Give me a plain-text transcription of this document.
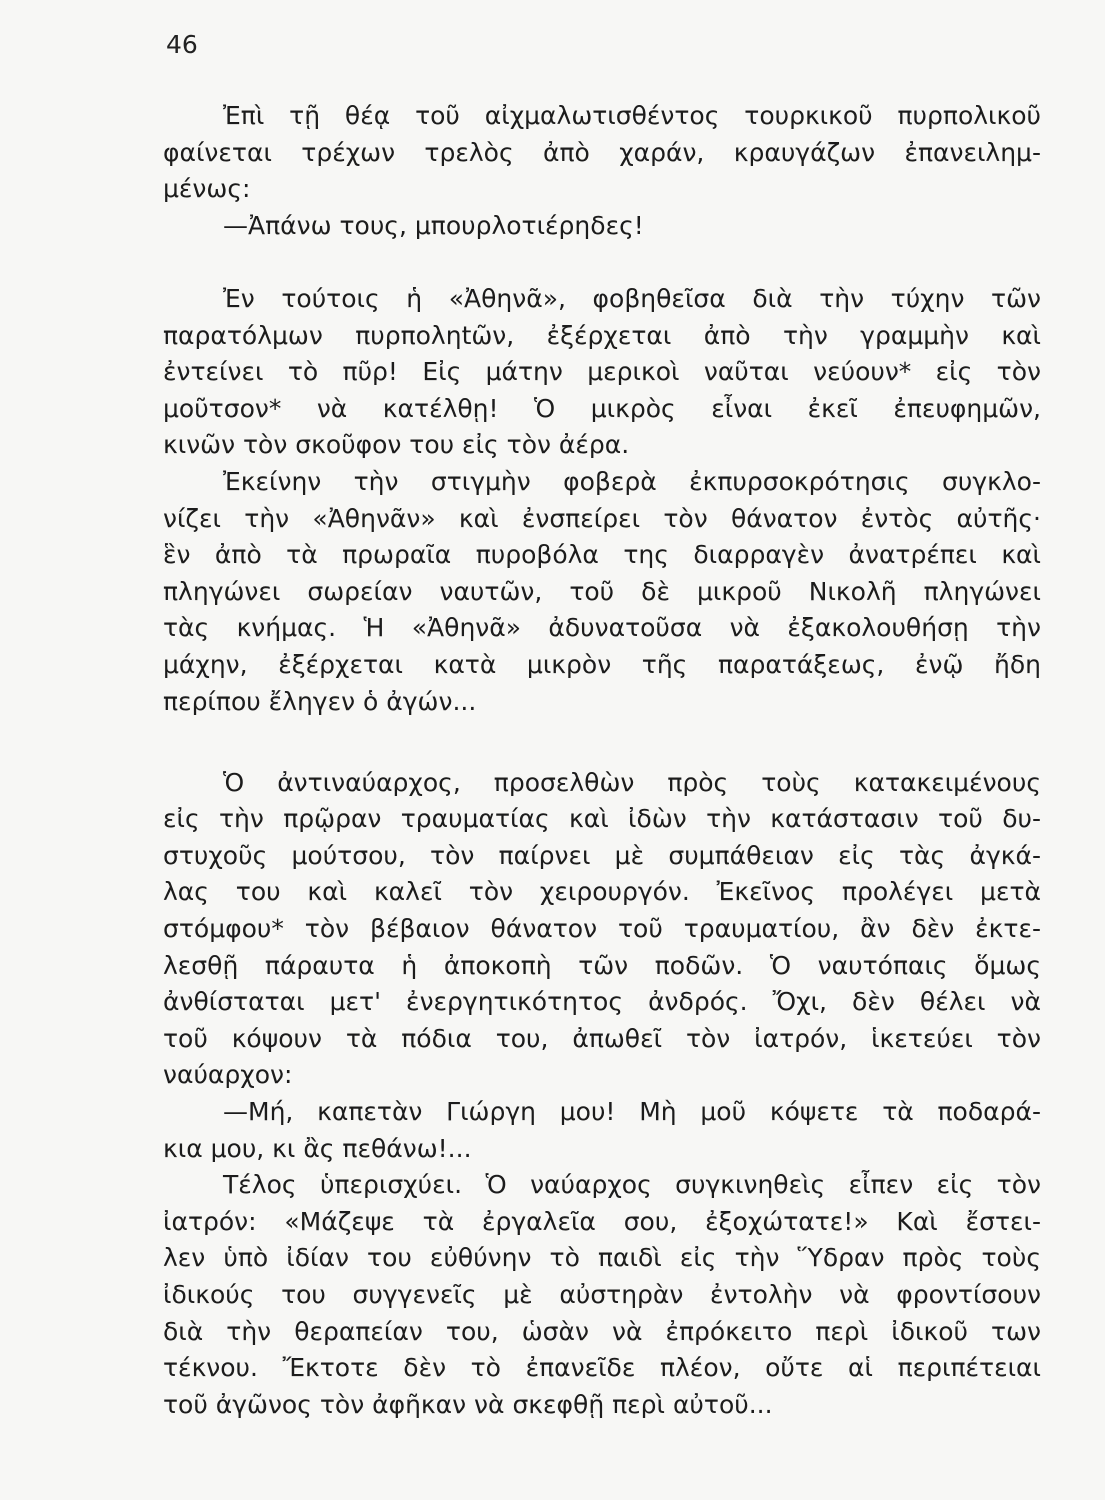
46
Ἐπὶ τῇ θέᾳ τοῦ αἰχμαλωτισθέντος τουρκικοῦ πυρπολικοῦ
φαίνεται τρέχων τρελὸς ἀπὸ χαράν, κραυγάζων ἐπανειλημ-
μένως:
—Ἀπάνω τους, μπουρλοτιέρηδες!
Ἐν τούτοις ἡ «Ἀθηνᾶ», φοβηθεῖσα διὰ τὴν τύχην τῶν
παρατόλμων πυρποληtῶν, ἐξέρχεται ἀπὸ τὴν γραμμὴν καὶ
ἐντείνει τὸ πῦρ! Εἰς μάτην μερικοὶ ναῦται νεύουν* εἰς τὸν
μοῦτσον* νὰ κατέλθῃ! Ὁ μικρὸς εἶναι ἐκεῖ ἐπευφημῶν,
κινῶν τὸν σκοῦφον του εἰς τὸν ἀέρα.
Ἐκείνην τὴν στιγμὴν φοβερὰ ἐκπυρσοκρότησις συγκλο-
νίζει τὴν «Ἀθηνᾶν» καὶ ἐνσπείρει τὸν θάνατον ἐντὸς αὐτῆς·
ἓν ἀπὸ τὰ πρωραῖα πυροβόλα της διαρραγὲν ἀνατρέπει καὶ
πληγώνει σωρείαν ναυτῶν, τοῦ δὲ μικροῦ Νικολῆ πληγώνει
τὰς κνήμας. Ἡ «Ἀθηνᾶ» ἀδυνατοῦσα νὰ ἐξακολουθήσῃ τὴν
μάχην, ἐξέρχεται κατὰ μικρὸν τῆς παρατάξεως, ἐνῷ ἤδη
περίπου ἔληγεν ὁ ἀγών...
Ὁ ἀντιναύαρχος, προσελθὼν πρὸς τοὺς κατακειμένους
εἰς τὴν πρῷραν τραυματίας καὶ ἰδὼν τὴν κατάστασιν τοῦ δυ-
στυχοῦς μούτσου, τὸν παίρνει μὲ συμπάθειαν εἰς τὰς ἀγκά-
λας του καὶ καλεῖ τὸν χειρουργόν. Ἐκεῖνος προλέγει μετὰ
στόμφου* τὸν βέβαιον θάνατον τοῦ τραυματίου, ἂν δὲν ἐκτε-
λεσθῇ πάραυτα ἡ ἀποκοπὴ τῶν ποδῶν. Ὁ ναυτόπαις ὅμως
ἀνθίσταται μετ' ἐνεργητικότητος ἀνδρός. Ὄχι, δὲν θέλει νὰ
τοῦ κόψουν τὰ πόδια του, ἀπωθεῖ τὸν ἰατρόν, ἱκετεύει τὸν
ναύαρχον:
—Μή, καπετὰν Γιώργη μου! Μὴ μοῦ κόψετε τὰ ποδαρά-
κια μου, κι ἂς πεθάνω!...
Τέλος ὑπερισχύει. Ὁ ναύαρχος συγκινηθεὶς εἶπεν εἰς τὸν
ἰατρόν: «Μάζεψε τὰ ἐργαλεῖα σου, ἐξοχώτατε!» Καὶ ἔστει-
λεν ὑπὸ ἰδίαν του εὐθύνην τὸ παιδὶ εἰς τὴν Ὕδραν πρὸς τοὺς
ἰδικούς του συγγενεῖς μὲ αὐστηρὰν ἐντολὴν νὰ φροντίσουν
διὰ τὴν θεραπείαν του, ὡσὰν νὰ ἐπρόκειτο περὶ ἰδικοῦ των
τέκνου. Ἔκτοτε δὲν τὸ ἐπανεῖδε πλέον, οὔτε αἱ περιπέτειαι
τοῦ ἀγῶνος τὸν ἀφῆκαν νὰ σκεφθῇ περὶ αὐτοῦ...
